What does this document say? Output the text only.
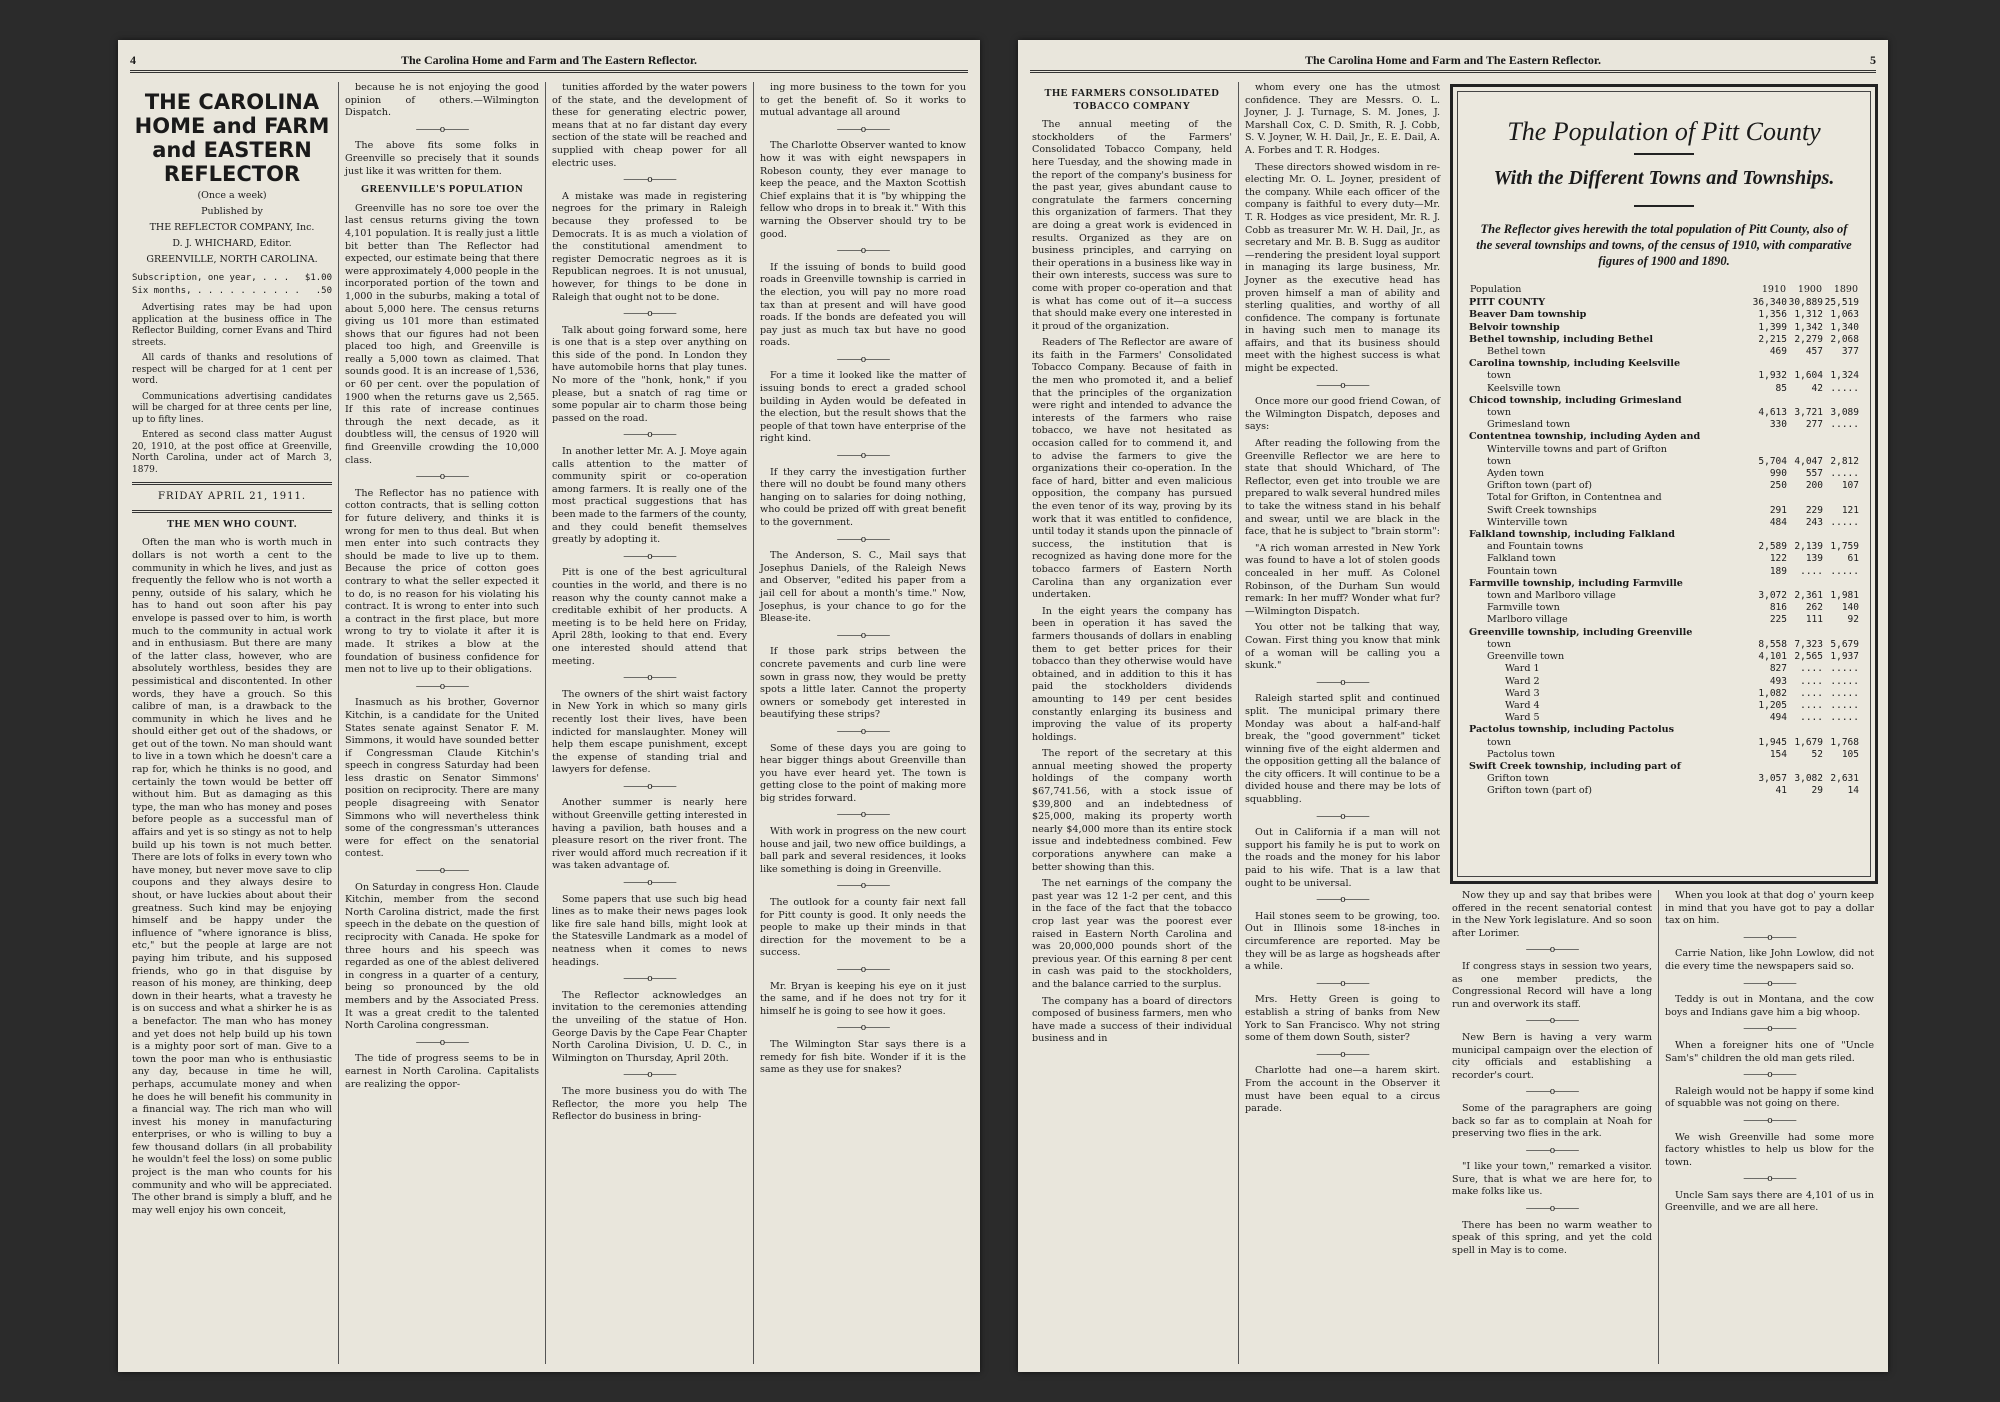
4	The Carolina Home and Farm and The Eastern Reflector.
THE CAROLINA HOME and FARM and EASTERN REFLECTOR

(Once a week)

Published by

THE REFLECTOR COMPANY, Inc.

D. J. WHICHARD, Editor.

GREENVILLE, NORTH CAROLINA.

Subscription, one year, . . . $1.00
Six months, . . . . . . . . . . .50

Advertising rates may be had upon application at the business office in The Reflector Building, corner Evans and Third streets.

All cards of thanks and resolutions of respect will be charged for at 1 cent per word.

Communications advertising candidates will be charged for at three cents per line, up to fifty lines.

Entered as second class matter August 20, 1910, at the post office at Greenville, North Carolina, under act of March 3, 1879.

FRIDAY APRIL 21, 1911.
THE MEN WHO COUNT.

Often the man who is worth much in dollars is not worth a cent to the community in which he lives, and just as frequently the fellow who is not worth a penny, outside of his salary, which he has to hand out soon after his pay envelope is passed over to him, is worth much to the community in actual work and in enthusiasm. But there are many of the latter class, however, who are absolutely worthless, besides they are pessimistical and discontented. In other words, they have a grouch. So this calibre of man, is a drawback to the community in which he lives and he should either get out of the shadows, or get out of the town. No man should want to live in a town which he doesn't care a rap for, which he thinks is no good, and certainly the town would be better off without him. But as damaging as this type, the man who has money and poses before people as a successful man of affairs and yet is so stingy as not to help build up his town is not much better. There are lots of folks in every town who have money, but never move save to clip coupons and they always desire to shout, or have luckies about about their greatness. Such kind may be enjoying himself and be happy under the influence of "where ignorance is bliss, etc," but the people at large are not paying him tribute, and his supposed friends, who go in that disguise by reason of his money, are thinking, deep down in their hearts, what a travesty he is on success and what a shirker he is as a benefactor. The man who has money and yet does not help build up his town is a mighty poor sort of man. Give to a town the poor man who is enthusiastic any day, because in time he will, perhaps, accumulate money and when he does he will benefit his community in a financial way. The rich man who will invest his money in manufacturing enterprises, or who is willing to buy a few thousand dollars (in all probability he wouldn't feel the loss) on some public project is the man who counts for his community and who will be appreciated. The other brand is simply a bluff, and he may well enjoy his own conceit,

because he is not enjoying the good opinion of others.—Wilmington Dispatch.

———o———

The above fits some folks in Greenville so precisely that it sounds just like it was written for them.

GREENVILLE'S POPULATION

Greenville has no sore toe over the last census returns giving the town 4,101 population. It is really just a little bit better than The Reflector had expected, our estimate being that there were approximately 4,000 people in the incorporated portion of the town and 1,000 in the suburbs, making a total of about 5,000 here. The census returns giving us 101 more than estimated shows that our figures had not been placed too high, and Greenville is really a 5,000 town as claimed. That sounds good. It is an increase of 1,536, or 60 per cent. over the population of 1900 when the returns gave us 2,565. If this rate of increase continues through the next decade, as it doubtless will, the census of 1920 will find Greenville crowding the 10,000 class.

———o———

The Reflector has no patience with cotton contracts, that is selling cotton for future delivery, and thinks it is wrong for men to thus deal. But when men enter into such contracts they should be made to live up to them. Because the price of cotton goes contrary to what the seller expected it to do, is no reason for his violating his contract. It is wrong to enter into such a contract in the first place, but more wrong to try to violate it after it is made. It strikes a blow at the foundation of business confidence for men not to live up to their obligations.

———o———

Inasmuch as his brother, Governor Kitchin, is a candidate for the United States senate against Senator F. M. Simmons, it would have sounded better if Congressman Claude Kitchin's speech in congress Saturday had been less drastic on Senator Simmons' position on reciprocity. There are many people disagreeing with Senator Simmons who will nevertheless think some of the congressman's utterances were for effect on the senatorial contest.

———o———

On Saturday in congress Hon. Claude Kitchin, member from the second North Carolina district, made the first speech in the debate on the question of reciprocity with Canada. He spoke for three hours and his speech was regarded as one of the ablest delivered in congress in a quarter of a century, being so pronounced by the old members and by the Associated Press. It was a great credit to the talented North Carolina congressman.

———o———

The tide of progress seems to be in earnest in North Carolina. Capitalists are realizing the oppor-

tunities afforded by the water powers of the state, and the development of these for generating electric power, means that at no far distant day every section of the state will be reached and supplied with cheap power for all electric uses.

———o———

A mistake was made in registering negroes for the primary in Raleigh because they professed to be Democrats. It is as much a violation of the constitutional amendment to register Democratic negroes as it is Republican negroes. It is not unusual, however, for things to be done in Raleigh that ought not to be done.

———o———

Talk about going forward some, here is one that is a step over anything on this side of the pond. In London they have automobile horns that play tunes. No more of the "honk, honk," if you please, but a snatch of rag time or some popular air to charm those being passed on the road.

———o———

In another letter Mr. A. J. Moye again calls attention to the matter of community spirit or co-operation among farmers. It is really one of the most practical suggestions that has been made to the farmers of the county, and they could benefit themselves greatly by adopting it.

———o———

Pitt is one of the best agricultural counties in the world, and there is no reason why the county cannot make a creditable exhibit of her products. A meeting is to be held here on Friday, April 28th, looking to that end. Every one interested should attend that meeting.

———o———

The owners of the shirt waist factory in New York in which so many girls recently lost their lives, have been indicted for manslaughter. Money will help them escape punishment, except the expense of standing trial and lawyers for defense.

———o———

Another summer is nearly here without Greenville getting interested in having a pavilion, bath houses and a pleasure resort on the river front. The river would afford much recreation if it was taken advantage of.

———o———

Some papers that use such big head lines as to make their news pages look like fire sale hand bills, might look at the Statesville Landmark as a model of neatness when it comes to news headings.

———o———

The Reflector acknowledges an invitation to the ceremonies attending the unveiling of the statue of Hon. George Davis by the Cape Fear Chapter North Carolina Division, U. D. C., in Wilmington on Thursday, April 20th.

———o———

The more business you do with The Reflector, the more you help The Reflector do business in bring-

ing more business to the town for you to get the benefit of. So it works to mutual advantage all around

———o———

The Charlotte Observer wanted to know how it was with eight newspapers in Robeson county, they ever manage to keep the peace, and the Maxton Scottish Chief explains that it is "by whipping the fellow who drops in to break it." With this warning the Observer should try to be good.

———o———

If the issuing of bonds to build good roads in Greenville township is carried in the election, you will pay no more road tax than at present and will have good roads. If the bonds are defeated you will pay just as much tax but have no good roads.

———o———

For a time it looked like the matter of issuing bonds to erect a graded school building in Ayden would be defeated in the election, but the result shows that the people of that town have enterprise of the right kind.

———o———

If they carry the investigation further there will no doubt be found many others hanging on to salaries for doing nothing, who could be prized off with great benefit to the government.

———o———

The Anderson, S. C., Mail says that Josephus Daniels, of the Raleigh News and Observer, "edited his paper from a jail cell for about a month's time." Now, Josephus, is your chance to go for the Blease-ite.

———o———

If those park strips between the concrete pavements and curb line were sown in grass now, they would be pretty spots a little later. Cannot the property owners or somebody get interested in beautifying these strips?

———o———

Some of these days you are going to hear bigger things about Greenville than you have ever heard yet. The town is getting close to the point of making more big strides forward.

———o———

With work in progress on the new court house and jail, two new office buildings, a ball park and several residences, it looks like something is doing in Greenville.

———o———

The outlook for a county fair next fall for Pitt county is good. It only needs the people to make up their minds in that direction for the movement to be a success.

———o———

Mr. Bryan is keeping his eye on it just the same, and if he does not try for it himself he is going to see how it goes.

———o———

The Wilmington Star says there is a remedy for fish bite. Wonder if it is the same as they use for snakes?

The Carolina Home and Farm and The Eastern Reflector.	5
THE FARMERS CONSOLIDATED TOBACCO COMPANY

The annual meeting of the stockholders of the Farmers' Consolidated Tobacco Company, held here Tuesday, and the showing made in the report of the company's business for the past year, gives abundant cause to congratulate the farmers concerning this organization of farmers. That they are doing a great work is evidenced in results. Organized as they are on business principles, and carrying on their operations in a business like way in their own interests, success was sure to come with proper co-operation and that is what has come out of it—a success that should make every one interested in it proud of the organization.

Readers of The Reflector are aware of its faith in the Farmers' Consolidated Tobacco Company. Because of faith in the men who promoted it, and a belief that the principles of the organization were right and intended to advance the interests of the farmers who raise tobacco, we have not hesitated as occasion called for to commend it, and to advise the farmers to give the organizations their co-operation. In the face of hard, bitter and even malicious opposition, the company has pursued the even tenor of its way, proving by its work that it was entitled to confidence, until today it stands upon the pinnacle of success, the institution that is recognized as having done more for the tobacco farmers of Eastern North Carolina than any organization ever undertaken.

In the eight years the company has been in operation it has saved the farmers thousands of dollars in enabling them to get better prices for their tobacco than they otherwise would have obtained, and in addition to this it has paid the stockholders dividends amounting to 149 per cent besides constantly enlarging its business and improving the value of its property holdings.

The report of the secretary at this annual meeting showed the property holdings of the company worth $67,741.56, with a stock issue of $39,800 and an indebtedness of $25,000, making its property worth nearly $4,000 more than its entire stock issue and indebtedness combined. Few corporations anywhere can make a better showing than this.

The net earnings of the company the past year was 12 1-2 per cent, and this in the face of the fact that the tobacco crop last year was the poorest ever raised in Eastern North Carolina and was 20,000,000 pounds short of the previous year. Of this earning 8 per cent in cash was paid to the stockholders, and the balance carried to the surplus.

The company has a board of directors composed of business farmers, men who have made a success of their individual business and in

whom every one has the utmost confidence. They are Messrs. O. L. Joyner, J. J. Turnage, S. M. Jones, J. Marshall Cox, C. D. Smith, R. J. Cobb, S. V. Joyner, W. H. Dail, Jr., E. E. Dail, A. A. Forbes and T. R. Hodges.

These directors showed wisdom in re-electing Mr. O. L. Joyner, president of the company. While each officer of the company is faithful to every duty—Mr. T. R. Hodges as vice president, Mr. R. J. Cobb as treasurer Mr. W. H. Dail, Jr., as secretary and Mr. B. B. Sugg as auditor—rendering the president loyal support in managing its large business, Mr. Joyner as the executive head has proven himself a man of ability and sterling qualities, and worthy of all confidence. The company is fortunate in having such men to manage its affairs, and that its business should meet with the highest success is what might be expected.

———o———

Once more our good friend Cowan, of the Wilmington Dispatch, deposes and says:

After reading the following from the Greenville Reflector we are here to state that should Whichard, of The Reflector, even get into trouble we are prepared to walk several hundred miles to take the witness stand in his behalf and swear, until we are black in the face, that he is subject to "brain storm":

"A rich woman arrested in New York was found to have a lot of stolen goods concealed in her muff. As Colonel Robinson, of the Durham Sun would remark: In her muff? Wonder what fur?—Wilmington Dispatch.

You otter not be talking that way, Cowan. First thing you know that mink of a woman will be calling you a skunk."

———o———

Raleigh started split and continued split. The municipal primary there Monday was about a half-and-half break, the "good government" ticket winning five of the eight aldermen and the opposition getting all the balance of the city officers. It will continue to be a divided house and there may be lots of squabbling.

———o———

Out in California if a man will not support his family he is put to work on the roads and the money for his labor paid to his wife. That is a law that ought to be universal.

———o———

Hail stones seem to be growing, too. Out in Illinois some 18-inches in circumference are reported. May be they will be as large as hogsheads after a while.

———o———

Mrs. Hetty Green is going to establish a string of banks from New York to San Francisco. Why not string some of them down South, sister?

———o———

Charlotte had one—a harem skirt. From the account in the Observer it must have been equal to a circus parade.

The Population of Pitt County
With the Different Towns and Townships.
The Reflector gives herewith the total population of Pitt County, also of the several townships and towns, of the census of 1910, with comparative figures of 1900 and 1890.
Population	1910	1900	1890
PITT COUNTY	36,340	30,889	25,519
Beaver Dam township	1,356	1,312	1,063
Belvoir township	1,399	1,342	1,340
Bethel township, including Bethel	2,215	2,279	2,068
Bethel town	469	457	377
Carolina township, including Keelsville			
town	1,932	1,604	1,324
Keelsville town	85	42	.....
Chicod township, including Grimesland			
town	4,613	3,721	3,089
Grimesland town	330	277	.....
Contentnea township, including Ayden and			
Winterville towns and part of Grifton			
town	5,704	4,047	2,812
Ayden town	990	557	.....
Grifton town (part of)	250	200	107
Total for Grifton, in Contentnea and			
Swift Creek townships	291	229	121
Winterville town	484	243	.....
Falkland township, including Falkland			
and Fountain towns	2,589	2,139	1,759
Falkland town	122	139	61
Fountain town	189	....	.....
Farmville township, including Farmville			
town and Marlboro village	3,072	2,361	1,981
Farmville town	816	262	140
Marlboro village	225	111	92
Greenville township, including Greenville			
town	8,558	7,323	5,679
Greenville town	4,101	2,565	1,937
Ward 1	827	....	.....
Ward 2	493	....	.....
Ward 3	1,082	....	.....
Ward 4	1,205	....	.....
Ward 5	494	....	.....
Pactolus township, including Pactolus			
town	1,945	1,679	1,768
Pactolus town	154	52	105
Swift Creek township, including part of			
Grifton town	3,057	3,082	2,631
Grifton town (part of)	41	29	14

Now they up and say that bribes were offered in the recent senatorial contest in the New York legislature. And so soon after Lorimer.

———o———

If congress stays in session two years, as one member predicts, the Congressional Record will have a long run and overwork its staff.

———o———

New Bern is having a very warm municipal campaign over the election of city officials and establishing a recorder's court.

———o———

Some of the paragraphers are going back so far as to complain at Noah for preserving two flies in the ark.

———o———

"I like your town," remarked a visitor. Sure, that is what we are here for, to make folks like us.

———o———

There has been no warm weather to speak of this spring, and yet the cold spell in May is to come.

When you look at that dog o' yourn keep in mind that you have got to pay a dollar tax on him.

———o———

Carrie Nation, like John Lowlow, did not die every time the newspapers said so.

———o———

Teddy is out in Montana, and the cow boys and Indians gave him a big whoop.

———o———

When a foreigner hits one of "Uncle Sam's" children the old man gets riled.

———o———

Raleigh would not be happy if some kind of squabble was not going on there.

———o———

We wish Greenville had some more factory whistles to help us blow for the town.

———o———

Uncle Sam says there are 4,101 of us in Greenville, and we are all here.
